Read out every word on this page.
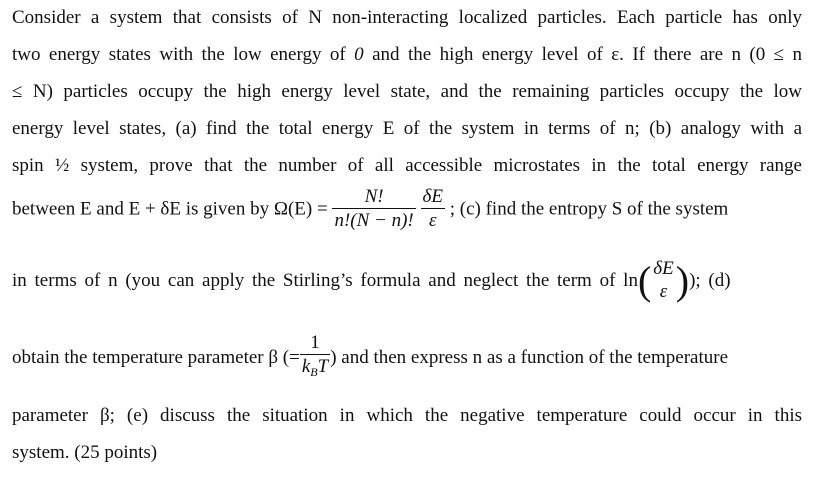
Consider a system that consists of N non-interacting localized particles. Each particle has only
two energy states with the low energy of 0 and the high energy level of ε. If there are n (0 ≤ n
≤ N) particles occupy the high energy level state, and the remaining particles occupy the low
energy level states, (a) find the total energy E of the system in terms of n; (b) analogy with a
spin ½ system, prove that the number of all accessible microstates in the total energy range
between E and E + δE is given by $\Omega(E) = \frac{N!}{n!(N - n)!}$
$\frac{\delta E}{\varepsilon}$ ; (c) find the entropy S of the system
in terms of n (you can apply the Stirling’s formula and neglect the term of ln( δE
ε )); (d)
obtain the temperature parameter β (= $\frac{1}{k_BT}$ ) and then express n as a function of the temperature
parameter β; (e) discuss the situation in which the negative temperature could occur in this
system. (25 points)
